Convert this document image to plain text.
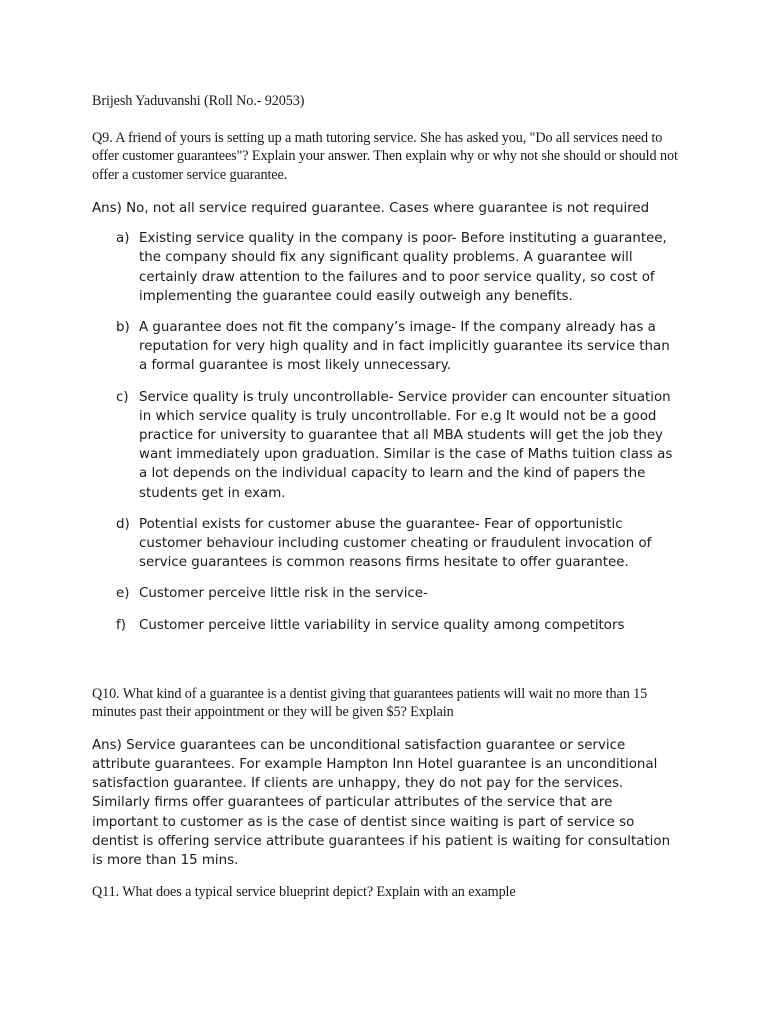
Brijesh Yaduvanshi (Roll No.- 92053)

Q9. A friend of yours is setting up a math tutoring service. She has asked you, "Do all services need to offer customer guarantees"? Explain your answer. Then explain why or why not she should or should not offer a customer service guarantee.

Ans) No, not all service required guarantee. Cases where guarantee is not required

a) Existing service quality in the company is poor- Before instituting a guarantee, the company should fix any significant quality problems. A guarantee will certainly draw attention to the failures and to poor service quality, so cost of implementing the guarantee could easily outweigh any benefits.
b) A guarantee does not fit the company’s image- If the company already has a reputation for very high quality and in fact implicitly guarantee its service than a formal guarantee is most likely unnecessary.
c) Service quality is truly uncontrollable- Service provider can encounter situation in which service quality is truly uncontrollable. For e.g It would not be a good practice for university to guarantee that all MBA students will get the job they want immediately upon graduation. Similar is the case of Maths tuition class as a lot depends on the individual capacity to learn and the kind of papers the students get in exam.
d) Potential exists for customer abuse the guarantee- Fear of opportunistic customer behaviour including customer cheating or fraudulent invocation of service guarantees is common reasons firms hesitate to offer guarantee.
e) Customer perceive little risk in the service-
f) Customer perceive little variability in service quality among competitors

Q10. What kind of a guarantee is a dentist giving that guarantees patients will wait no more than 15 minutes past their appointment or they will be given $5? Explain

Ans) Service guarantees can be unconditional satisfaction guarantee or service attribute guarantees. For example Hampton Inn Hotel guarantee is an unconditional satisfaction guarantee. If clients are unhappy, they do not pay for the services. Similarly firms offer guarantees of particular attributes of the service that are important to customer as is the case of dentist since waiting is part of service so dentist is offering service attribute guarantees if his patient is waiting for consultation is more than 15 mins.

Q11. What does a typical service blueprint depict? Explain with an example
